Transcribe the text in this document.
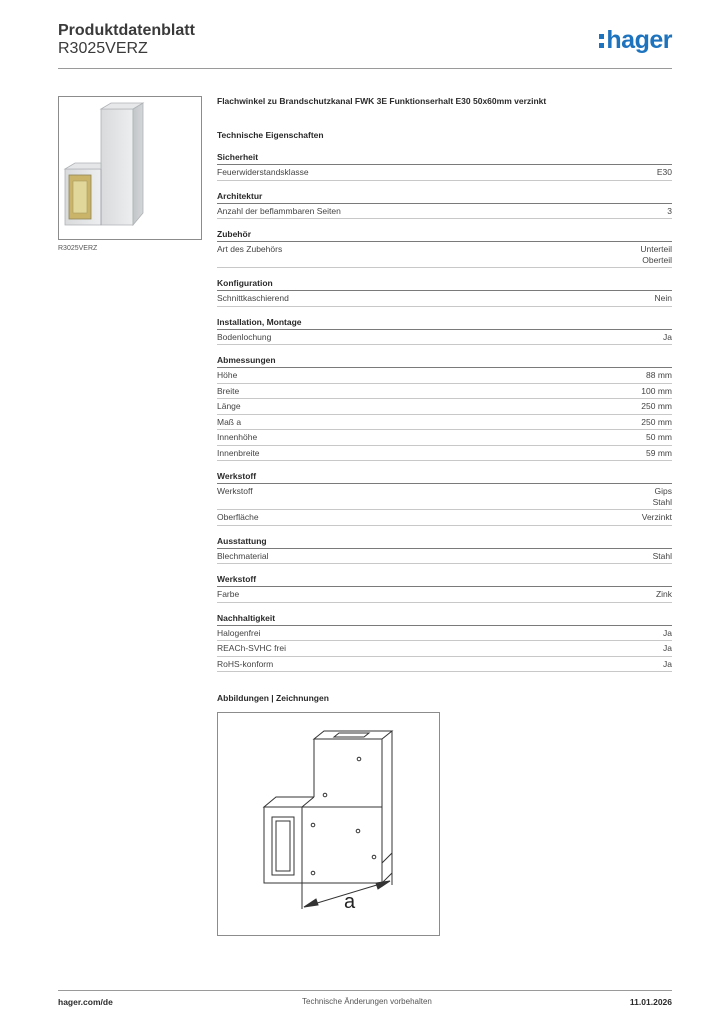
Produktdatenblatt
R3025VERZ	hager
R3025VERZ
Flachwinkel zu Brandschutzkanal FWK 3E Funktionserhalt E30 50x60mm verzinkt
Technische Eigenschaften
Sicherheit
Feuerwiderstandsklasse	E30
Architektur
Anzahl der beflammbaren Seiten	3
Zubehör
Art des Zubehörs	Unterteil
Oberteil
Konfiguration
Schnittkaschierend	Nein
Installation, Montage
Bodenlochung	Ja
Abmessungen
Höhe	88 mm
Breite	100 mm
Länge	250 mm
Maß a	250 mm
Innenhöhe	50 mm
Innenbreite	59 mm
Werkstoff
Werkstoff	Gips
Stahl
Oberfläche	Verzinkt
Ausstattung
Blechmaterial	Stahl
Werkstoff
Farbe	Zink
Nachhaltigkeit
Halogenfrei	Ja
REACh-SVHC frei	Ja
RoHS-konform	Ja
Abbildungen | Zeichnungen
a
hager.com/de	Technische Änderungen vorbehalten	11.01.2026
